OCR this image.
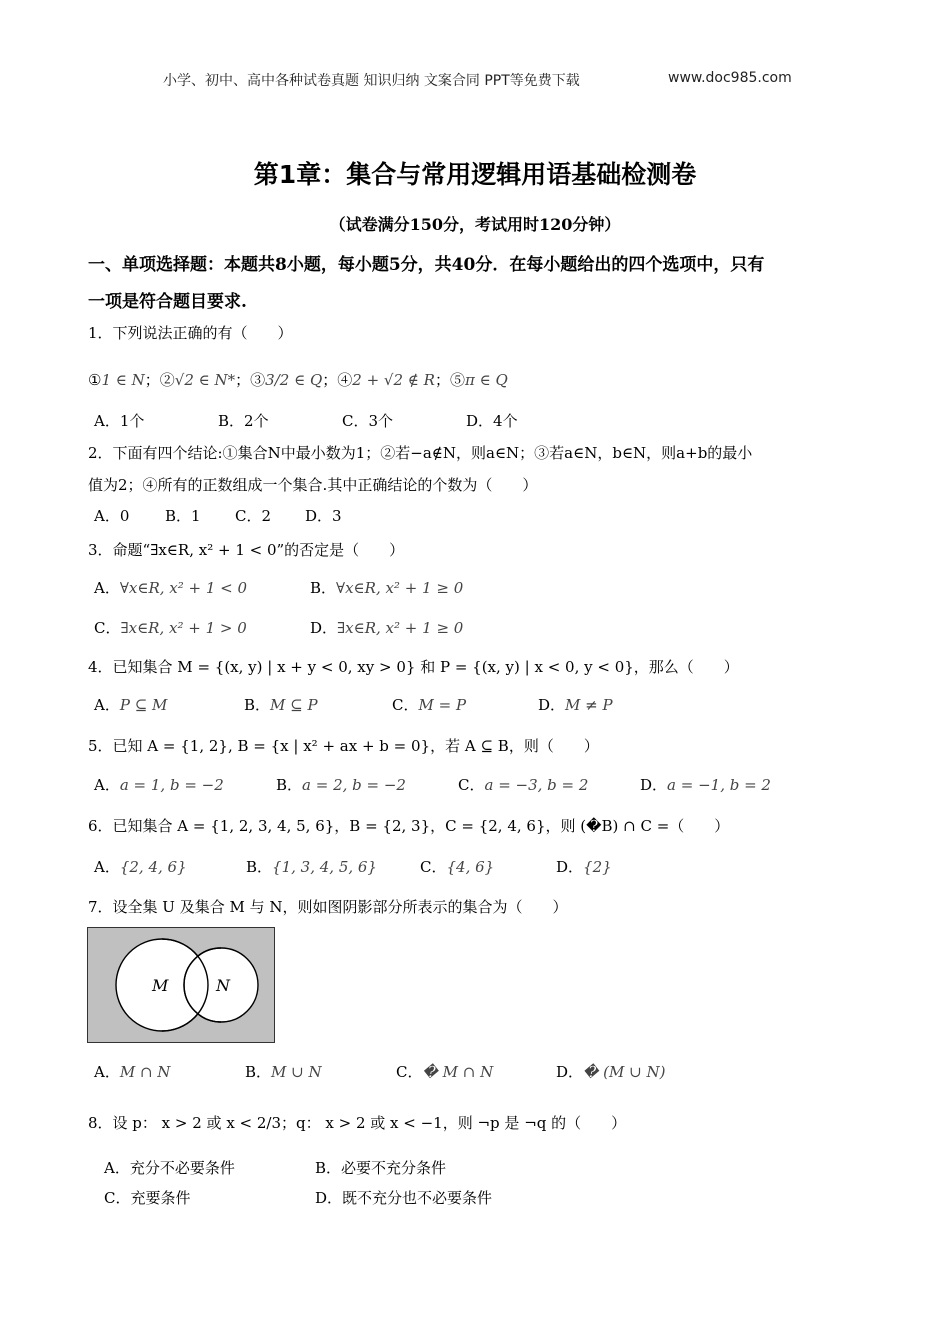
小学、初中、高中各种试卷真题 知识归纳 文案合同 PPT等免费下载	www.doc985.com
第1章：集合与常用逻辑用语基础检测卷
（试卷满分150分，考试用时120分钟）
一、单项选择题：本题共8小题，每小题5分，共40分．在每小题给出的四个选项中，只有
一项是符合题目要求.
1．下列说法正确的有（　　）
①1 ∈ N；②√2 ∈ N*；③3/2 ∈ Q；④2 + √2 ∉ R；⑤π ∈ Q
A．1个	B．2个	C．3个	D．4个
2．下面有四个结论:①集合N中最小数为1；②若−a∉N，则a∈N；③若a∈N，b∈N，则a+b的最小
值为2；④所有的正数组成一个集合.其中正确结论的个数为（　　）
A．0 B．1 C．2 D．3
3．命题“∃x∈R, x² + 1 < 0”的否定是（　　）
A．∀x∈R, x² + 1 < 0	B．∀x∈R, x² + 1 ≥ 0
C．∃x∈R, x² + 1 > 0	D．∃x∈R, x² + 1 ≥ 0
4．已知集合 M = {(x, y) | x + y < 0, xy > 0} 和 P = {(x, y) | x < 0, y < 0}，那么（　　）
A．P ⊆ M	B．M ⊆ P	C．M = P	D．M ≠ P
5．已知 A = {1, 2}, B = {x | x² + ax + b = 0}，若 A ⊆ B，则（　　）
A．a = 1, b = −2	B．a = 2, b = −2	C．a = −3, b = 2	D．a = −1, b = 2
6．已知集合 A = {1, 2, 3, 4, 5, 6}，B = {2, 3}，C = {2, 4, 6}，则 (�B) ∩ C =（　　）
A．{2, 4, 6}	B．{1, 3, 4, 5, 6}	C．{4, 6}	D．{2}
7．设全集 U 及集合 M 与 N，则如图阴影部分所表示的集合为（　　）
M	N
A．M ∩ N	B．M ∪ N	C．� M ∩ N	D．� (M ∪ N)
8．设 p： x > 2 或 x < 2/3；q： x > 2 或 x < −1，则 ¬p 是 ¬q 的（　　）
A．充分不必要条件	B．必要不充分条件
C．充要条件	D．既不充分也不必要条件
